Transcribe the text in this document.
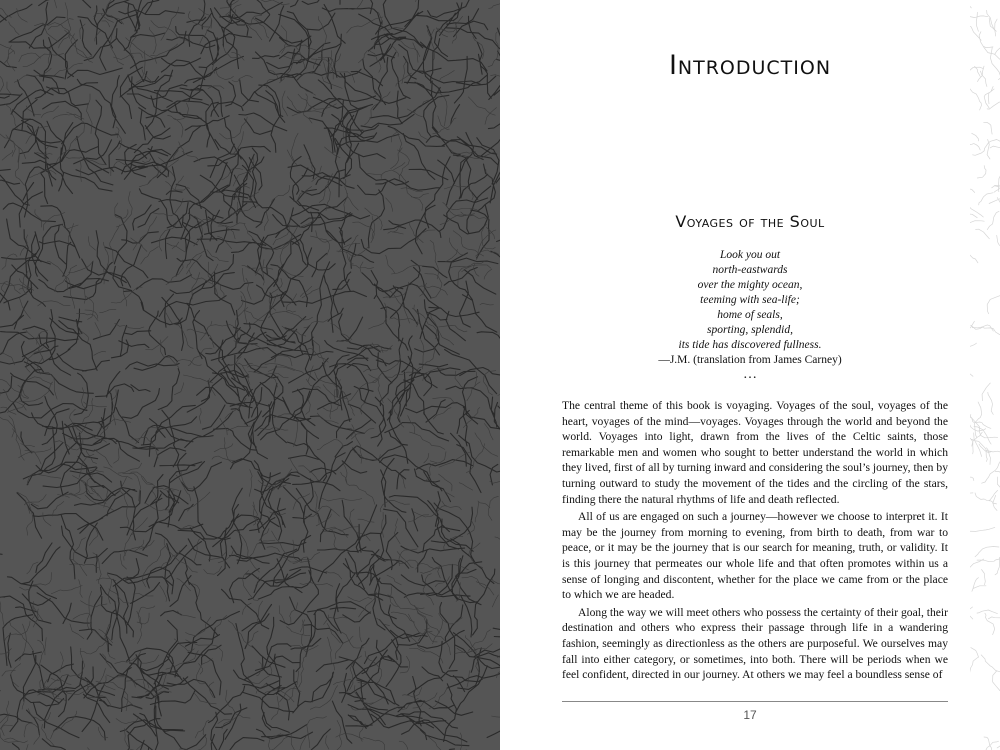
Introduction
Voyages of the Soul
Look you out
north-eastwards
over the mighty ocean,
teeming with sea-life;
home of seals,
sporting, splendid,
its tide has discovered fullness.
—J.M. (translation from James Carney)
…

The central theme of this book is voyaging. Voyages of the soul, voyages of the heart, voyages of the mind—voyages. Voyages through the world and beyond the world. Voyages into light, drawn from the lives of the Celtic saints, those remarkable men and women who sought to better understand the world in which they lived, first of all by turning inward and considering the soul’s journey, then by turning outward to study the movement of the tides and the circling of the stars, finding there the natural rhythms of life and death reflected.

All of us are engaged on such a journey—however we choose to interpret it. It may be the journey from morning to evening, from birth to death, from war to peace, or it may be the journey that is our search for meaning, truth, or validity. It is this journey that permeates our whole life and that often promotes within us a sense of longing and discontent, whether for the place we came from or the place to which we are headed.

Along the way we will meet others who possess the certainty of their goal, their destination and others who express their passage through life in a wandering fashion, seemingly as directionless as the others are purposeful. We ourselves may fall into either category, or sometimes, into both. There will be periods when we feel confident, directed in our journey. At others we may feel a boundless sense of

17
